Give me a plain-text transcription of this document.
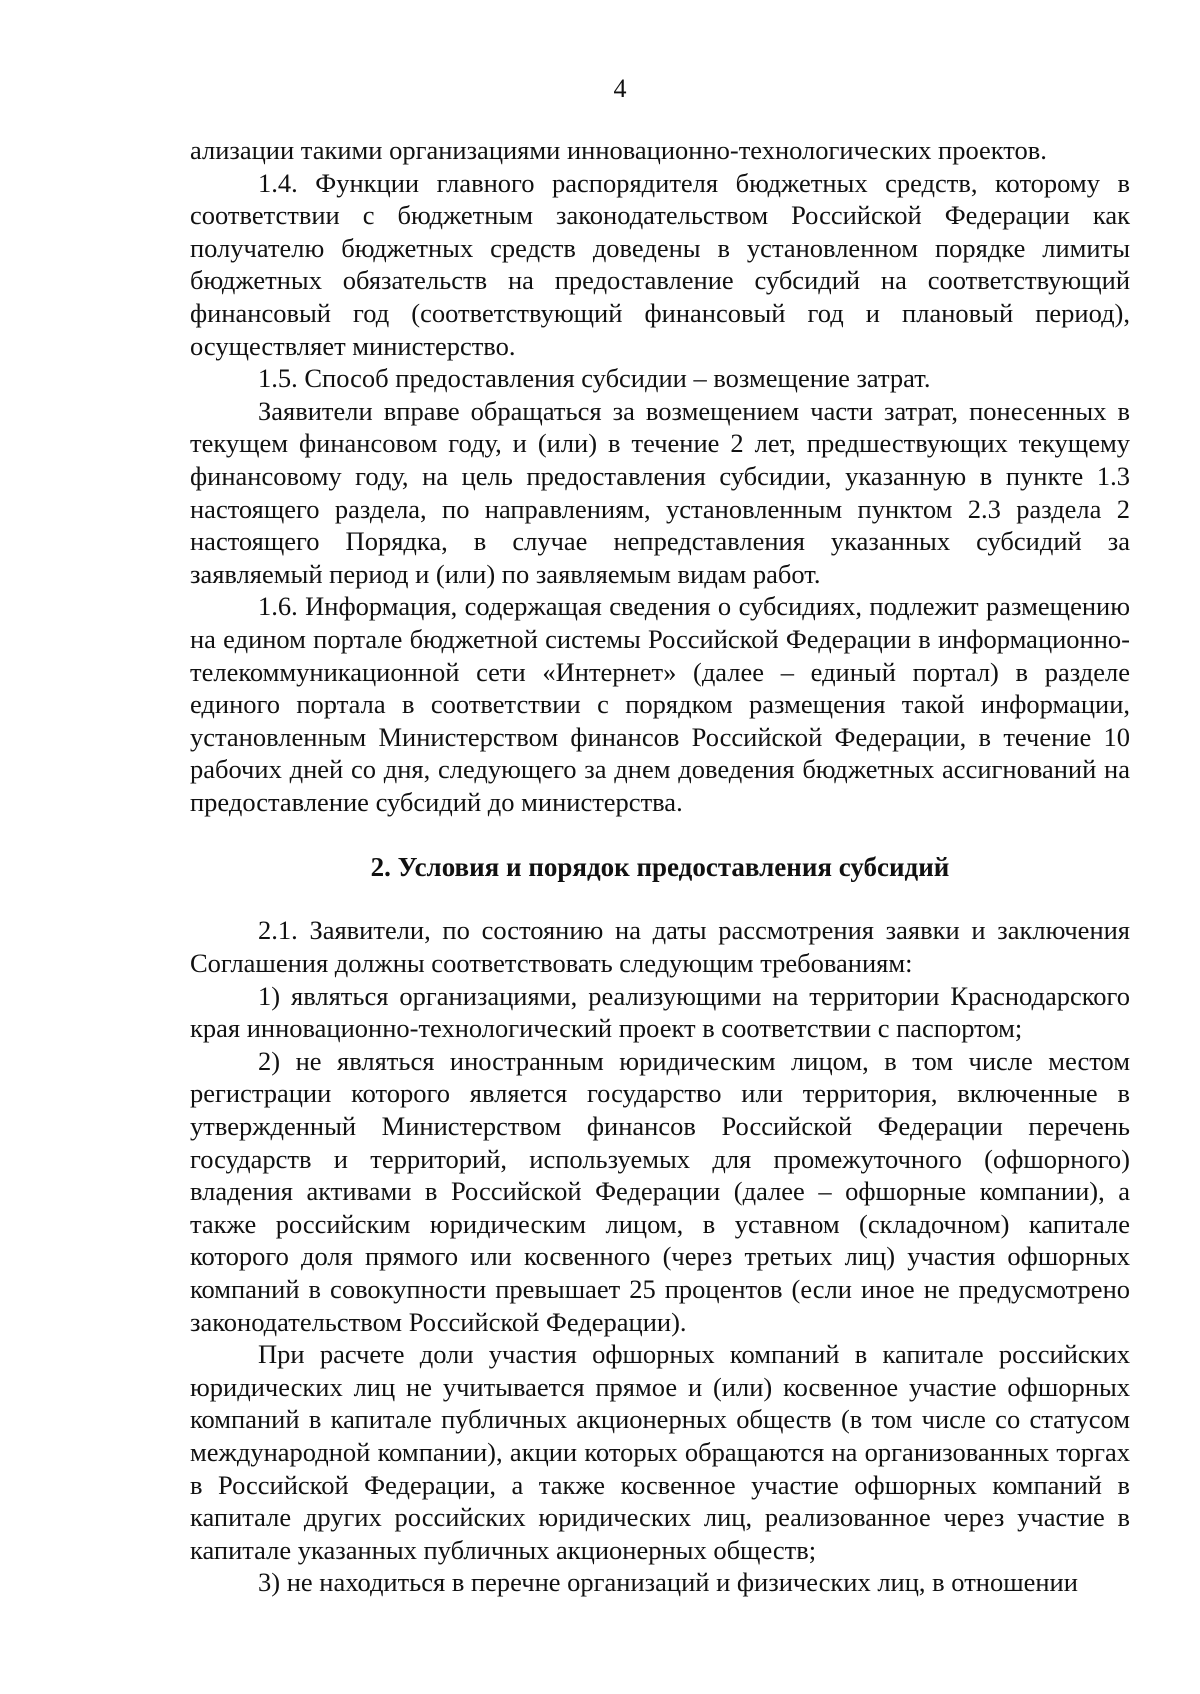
4

ализации такими организациями инновационно-технологических проектов.

1.4. Функции главного распорядителя бюджетных средств, которому в соответствии с бюджетным законодательством Российской Федерации как получателю бюджетных средств доведены в установленном порядке лимиты бюджетных обязательств на предоставление субсидий на соответствующий финансовый год (соответствующий финансовый год и плановый период), осуществляет министерство.

1.5. Способ предоставления субсидии – возмещение затрат.

Заявители вправе обращаться за возмещением части затрат, понесенных в текущем финансовом году, и (или) в течение 2 лет, предшествующих текущему финансовому году, на цель предоставления субсидии, указанную в пункте 1.3 настоящего раздела, по направлениям, установленным пунктом 2.3 раздела 2 настоящего Порядка, в случае непредставления указанных субсидий за заявляемый период и (или) по заявляемым видам работ.

1.6. Информация, содержащая сведения о субсидиях, подлежит размещению на едином портале бюджетной системы Российской Федерации в информационно-телекоммуникационной сети «Интернет» (далее – единый портал) в разделе единого портала в соответствии с порядком размещения такой информации, установленным Министерством финансов Российской Федерации, в течение 10 рабочих дней со дня, следующего за днем доведения бюджетных ассигнований на предоставление субсидий до министерства.

2. Условия и порядок предоставления субсидий

2.1. Заявители, по состоянию на даты рассмотрения заявки и заключения Соглашения должны соответствовать следующим требованиям:

1) являться организациями, реализующими на территории Краснодарского края инновационно-технологический проект в соответствии с паспортом;

2) не являться иностранным юридическим лицом, в том числе местом регистрации которого является государство или территория, включенные в утвержденный Министерством финансов Российской Федерации перечень государств и территорий, используемых для промежуточного (офшорного) владения активами в Российской Федерации (далее – офшорные компании), а также российским юридическим лицом, в уставном (складочном) капитале которого доля прямого или косвенного (через третьих лиц) участия офшорных компаний в совокупности превышает 25 процентов (если иное не предусмотрено законодательством Российской Федерации).

При расчете доли участия офшорных компаний в капитале российских юридических лиц не учитывается прямое и (или) косвенное участие офшорных компаний в капитале публичных акционерных обществ (в том числе со статусом международной компании), акции которых обращаются на организованных торгах в Российской Федерации, а также косвенное участие офшорных компаний в капитале других российских юридических лиц, реализованное через участие в капитале указанных публичных акционерных обществ;

3) не находиться в перечне организаций и физических лиц, в отношении
